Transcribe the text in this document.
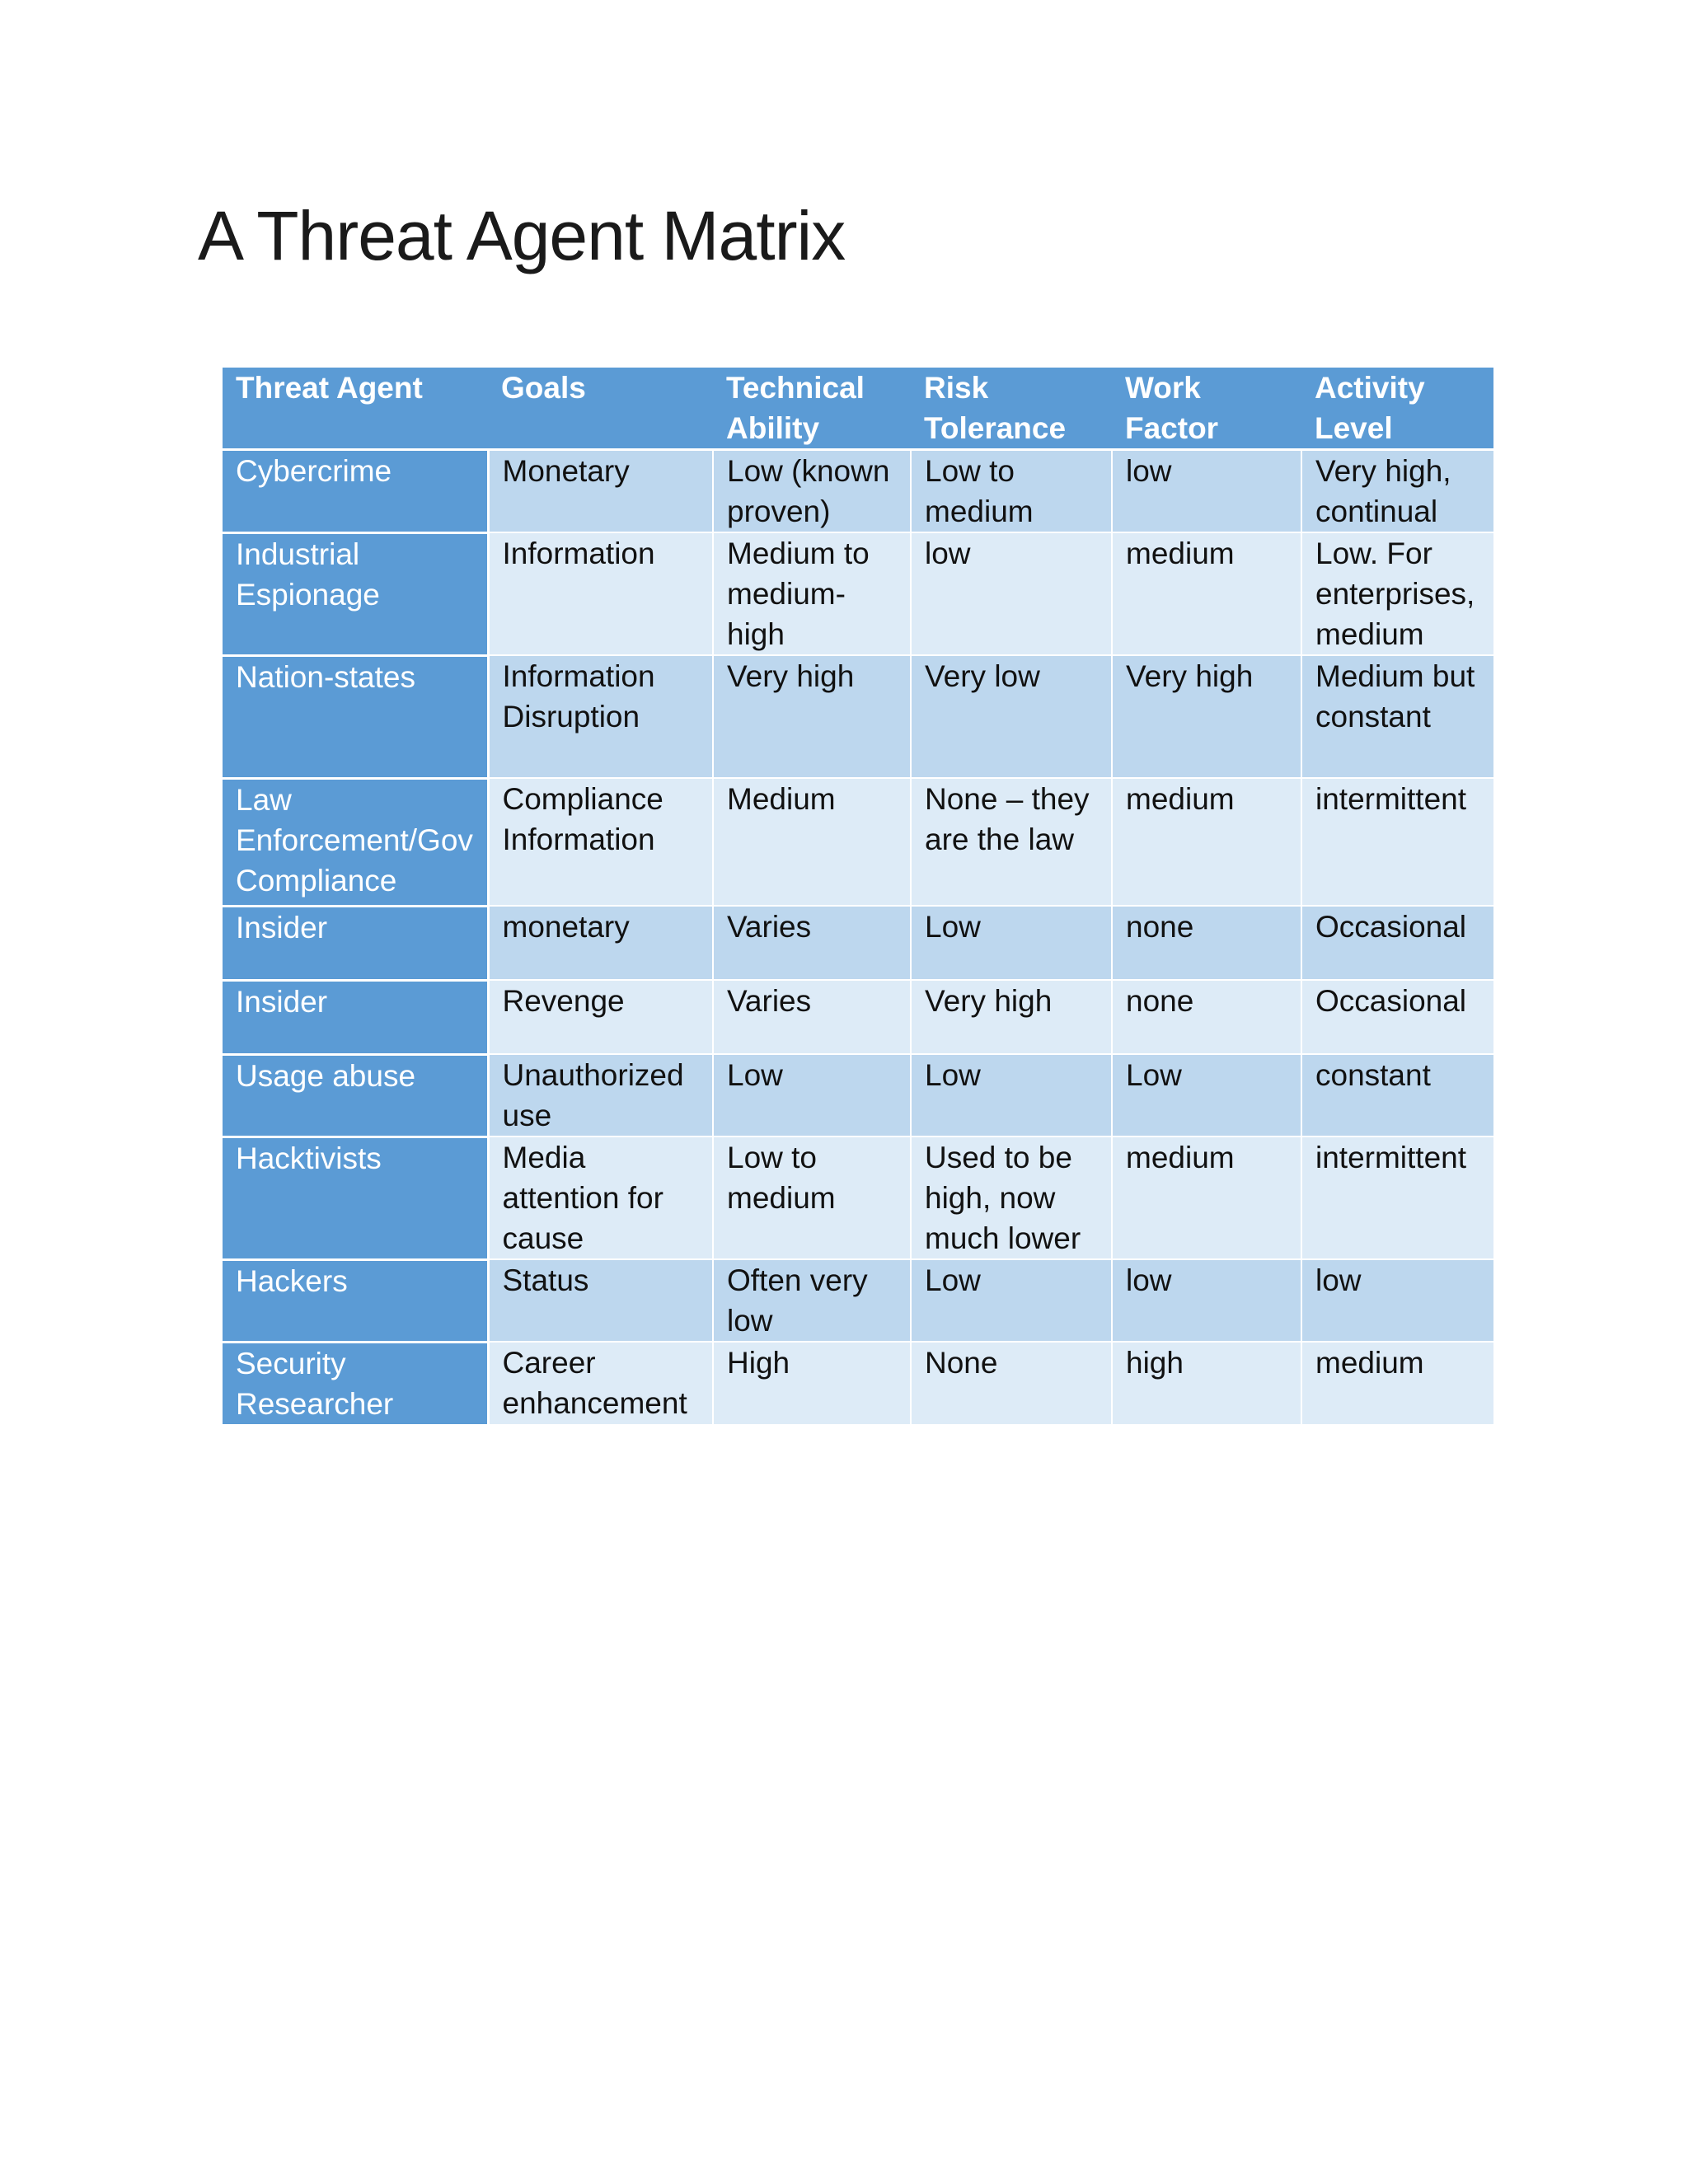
A Threat Agent Matrix
Threat Agent	Goals	Technical Ability	Risk Tolerance	Work Factor	Activity Level
Cybercrime	Monetary	Low (known proven)	Low to medium	low	Very high, continual
Industrial Espionage	Information	Medium to medium-high	low	medium	Low. For enterprises, medium
Nation-states	Information Disruption	Very high	Very low	Very high	Medium but constant
Law Enforcement/Gov Compliance	Compliance Information	Medium	None – they are the law	medium	intermittent
Insider	monetary	Varies	Low	none	Occasional
Insider	Revenge	Varies	Very high	none	Occasional
Usage abuse	Unauthorized use	Low	Low	Low	constant
Hacktivists	Media attention for cause	Low to medium	Used to be high, now much lower	medium	intermittent
Hackers	Status	Often very low	Low	low	low
Security Researcher	Career enhancement	High	None	high	medium
